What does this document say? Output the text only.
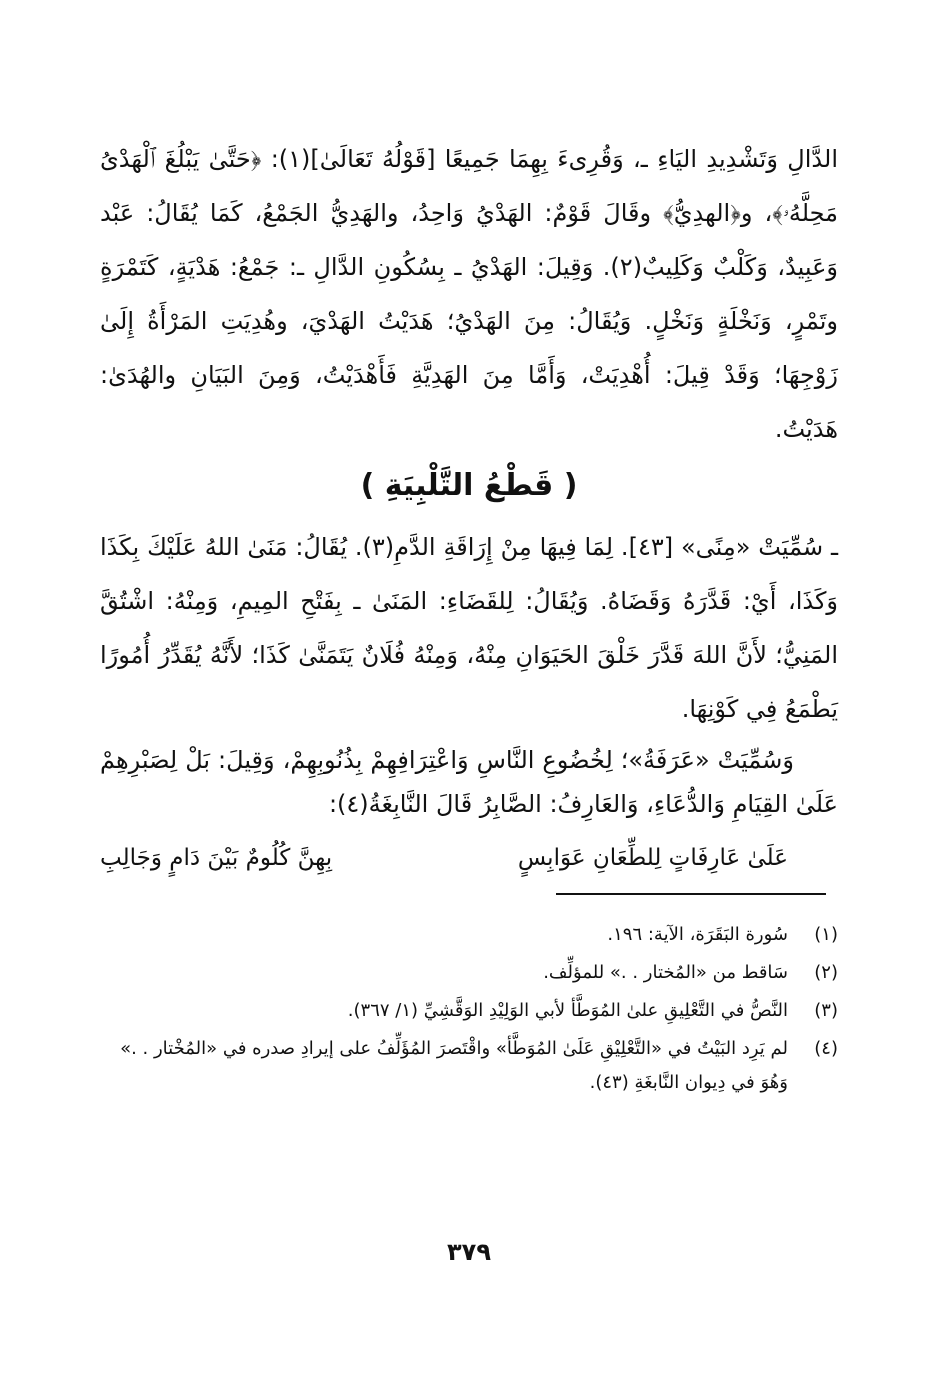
الدَّالِ وَتَشْدِيدِ اليَاءِ ـ، وَقُرِىءَ بِهِمَا جَمِيعًا [قَوْلُهُ تَعَالَىٰ](١): ﴿حَتَّىٰ يَبْلُغَ ٱلْهَدْىُ مَحِلَّهُۥ﴾، و﴿الهدِيُّ﴾ وقَالَ قَوْمٌ: الهَدْيُ وَاحِدُ، والهَدِيُّ الجَمْعُ، كَمَا يُقَالُ: عَبْد وَعَبِيدٌ، وَكَلْبٌ وَكَلِيبٌ(٢). وَقِيلَ: الهَدْيُ ـ بِسُكُونِ الدَّالِ ـ: جَمْعُ: هَدْيَةٍ، كَتَمْرَةٍ وتَمْرٍ، وَنَخْلَةٍ وَنَخْلٍ. وَيُقَالُ: مِنَ الهَدْيُ؛ هَدَيْتُ الهَدْيَ، وهُدِيَتِ المَرْأَةُ إِلَىٰ زَوْجِهَا؛ وَقَدْ قِيلَ: أُهْدِيَتْ، وَأَمَّا مِنَ الهَدِيَّةِ فَأَهْدَيْتُ، وَمِنَ البَيَانِ والهُدَىٰ: هَدَيْتُ.

( قَطْعُ التَّلْبِيَةِ )

ـ سُمِّيَتْ «مِنًى» [٤٣]. لِمَا فِيهَا مِنْ إِرَاقَةِ الدَّمِ(٣). يُقَالُ: مَنَىٰ اللهُ عَلَيْكَ بِكَذَا وَكَذَا، أَيْ: قَدَّرَهُ وَقَضَاهُ. وَيُقَالُ: لِلقَضَاءِ: المَنَىٰ ـ بِفَتْحِ المِيمِ، وَمِنْهُ: اشْتُقَّ المَنِيُّ؛ لأَنَّ اللهَ قَدَّرَ خَلْقَ الحَيَوَانِ مِنْهُ، وَمِنْهُ فُلَانٌ يَتَمَنَّىٰ كَذَا؛ لأَنَّهُ يُقَدِّرُ أُمُورًا يَطْمَعُ فِي كَوْنِهَا.

وَسُمِّيَتْ «عَرَفَةُ»؛ لِخُضُوعِ النَّاسِ وَاعْتِرَافِهِمْ بِذُنُوبِهِمْ، وَقِيلَ: بَلْ لِصَبْرِهِمْ عَلَىٰ القِيَامِ وَالدُّعَاءِ، وَالعَارِفُ: الصَّابِرُ قَالَ النَّابِغَةُ(٤):

عَلَىٰ عَارِفَاتٍ لِلطِّعَانِ عَوَابِسٍ
بِهِنَّ كُلُومٌ بَيْنَ دَامٍ وَجَالِبِ
(١)
سُورة البَقَرَة، الآية: ١٩٦.
(٢)
سَاقط من «المُختار . .» للمؤلِّف.
(٣)
النَّصُّ في التَّعْلِيقِ علىٰ المُوَطَّأ لأبي الوَلِيْدِ الوَقَّشِيِّ (١/ ٣٦٧).
(٤)
لم يَرِد البَيْتُ في «التَّعْلِيْقِ عَلَىٰ المُوَطَّأ» واقْتَصرَ المُؤَلِّفُ على إيرادِ صدره في «المُخْتار . .» وَهُوَ في دِيوان النَّابغَةِ (٤٣).
٣٧٩
